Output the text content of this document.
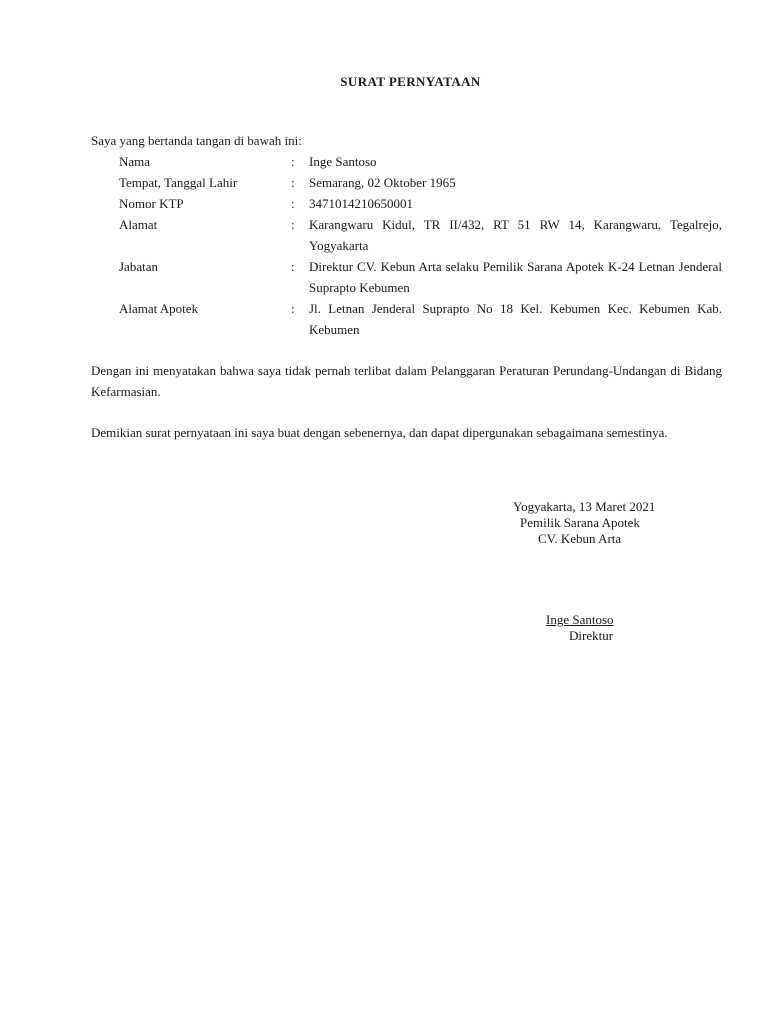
SURAT PERNYATAAN
Saya yang bertanda tangan di bawah ini:
Nama	:	Inge Santoso
Tempat, Tanggal Lahir	:	Semarang, 02 Oktober 1965
Nomor KTP	:	3471014210650001
Alamat	:	Karangwaru Kidul, TR II/432, RT 51 RW 14, Karangwaru, Tegalrejo, Yogyakarta
Jabatan	:	Direktur CV. Kebun Arta selaku Pemilik Sarana Apotek K-24 Letnan Jenderal Suprapto Kebumen
Alamat Apotek	:	Jl. Letnan Jenderal Suprapto No 18 Kel. Kebumen Kec. Kebumen Kab. Kebumen

Dengan ini menyatakan bahwa saya tidak pernah terlibat dalam Pelanggaran Peraturan Perundang-Undangan di Bidang Kefarmasian.

Demikian surat pernyataan ini saya buat dengan sebenernya, dan dapat dipergunakan sebagaimana semestinya.

Yogyakarta, 13 Maret 2021
Pemilik Sarana Apotek
CV. Kebun Arta
Inge Santoso
Direktur
